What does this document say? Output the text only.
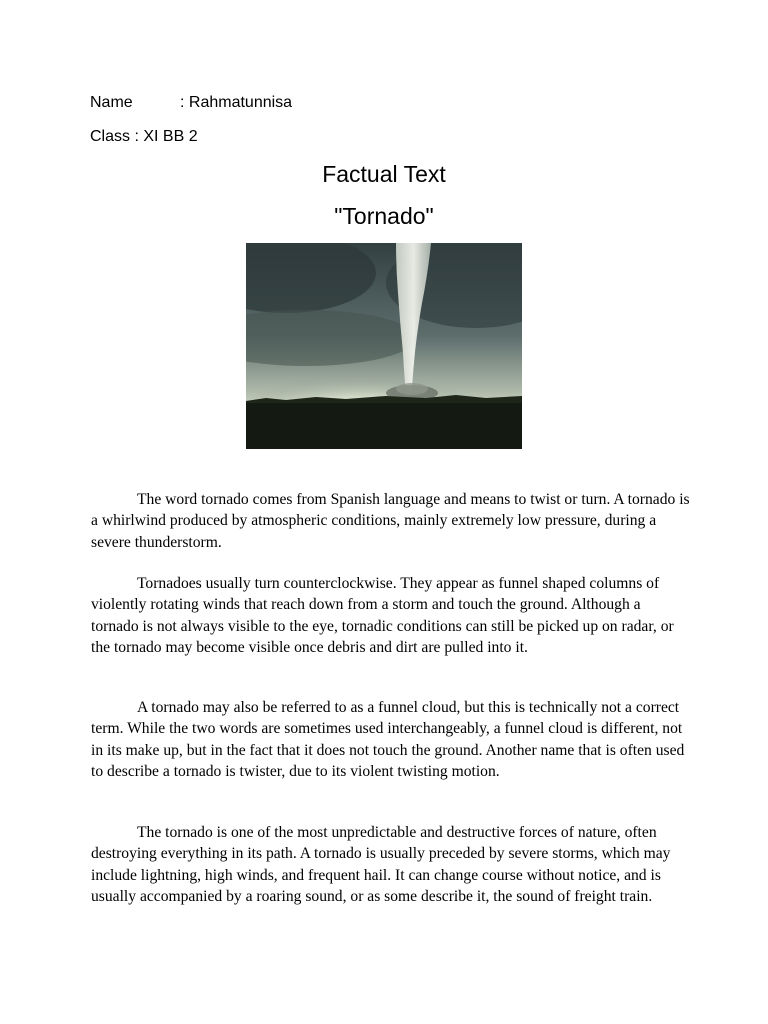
Name	: Rahmatunnisa
Class : XI BB 2
Factual Text
"Tornado"

The word tornado comes from Spanish language and means to twist or turn. A tornado is a whirlwind produced by atmospheric conditions, mainly extremely low pressure, during a severe thunderstorm.

Tornadoes usually turn counterclockwise. They appear as funnel shaped columns of violently rotating winds that reach down from a storm and touch the ground. Although a tornado is not always visible to the eye, tornadic conditions can still be picked up on radar, or the tornado may become visible once debris and dirt are pulled into it.

A tornado may also be referred to as a funnel cloud, but this is technically not a correct term. While the two words are sometimes used interchangeably, a funnel cloud is different, not in its make up, but in the fact that it does not touch the ground. Another name that is often used to describe a tornado is twister, due to its violent twisting motion.

The tornado is one of the most unpredictable and destructive forces of nature, often destroying everything in its path. A tornado is usually preceded by severe storms, which may include lightning, high winds, and frequent hail. It can change course without notice, and is usually accompanied by a roaring sound, or as some describe it, the sound of freight train.
